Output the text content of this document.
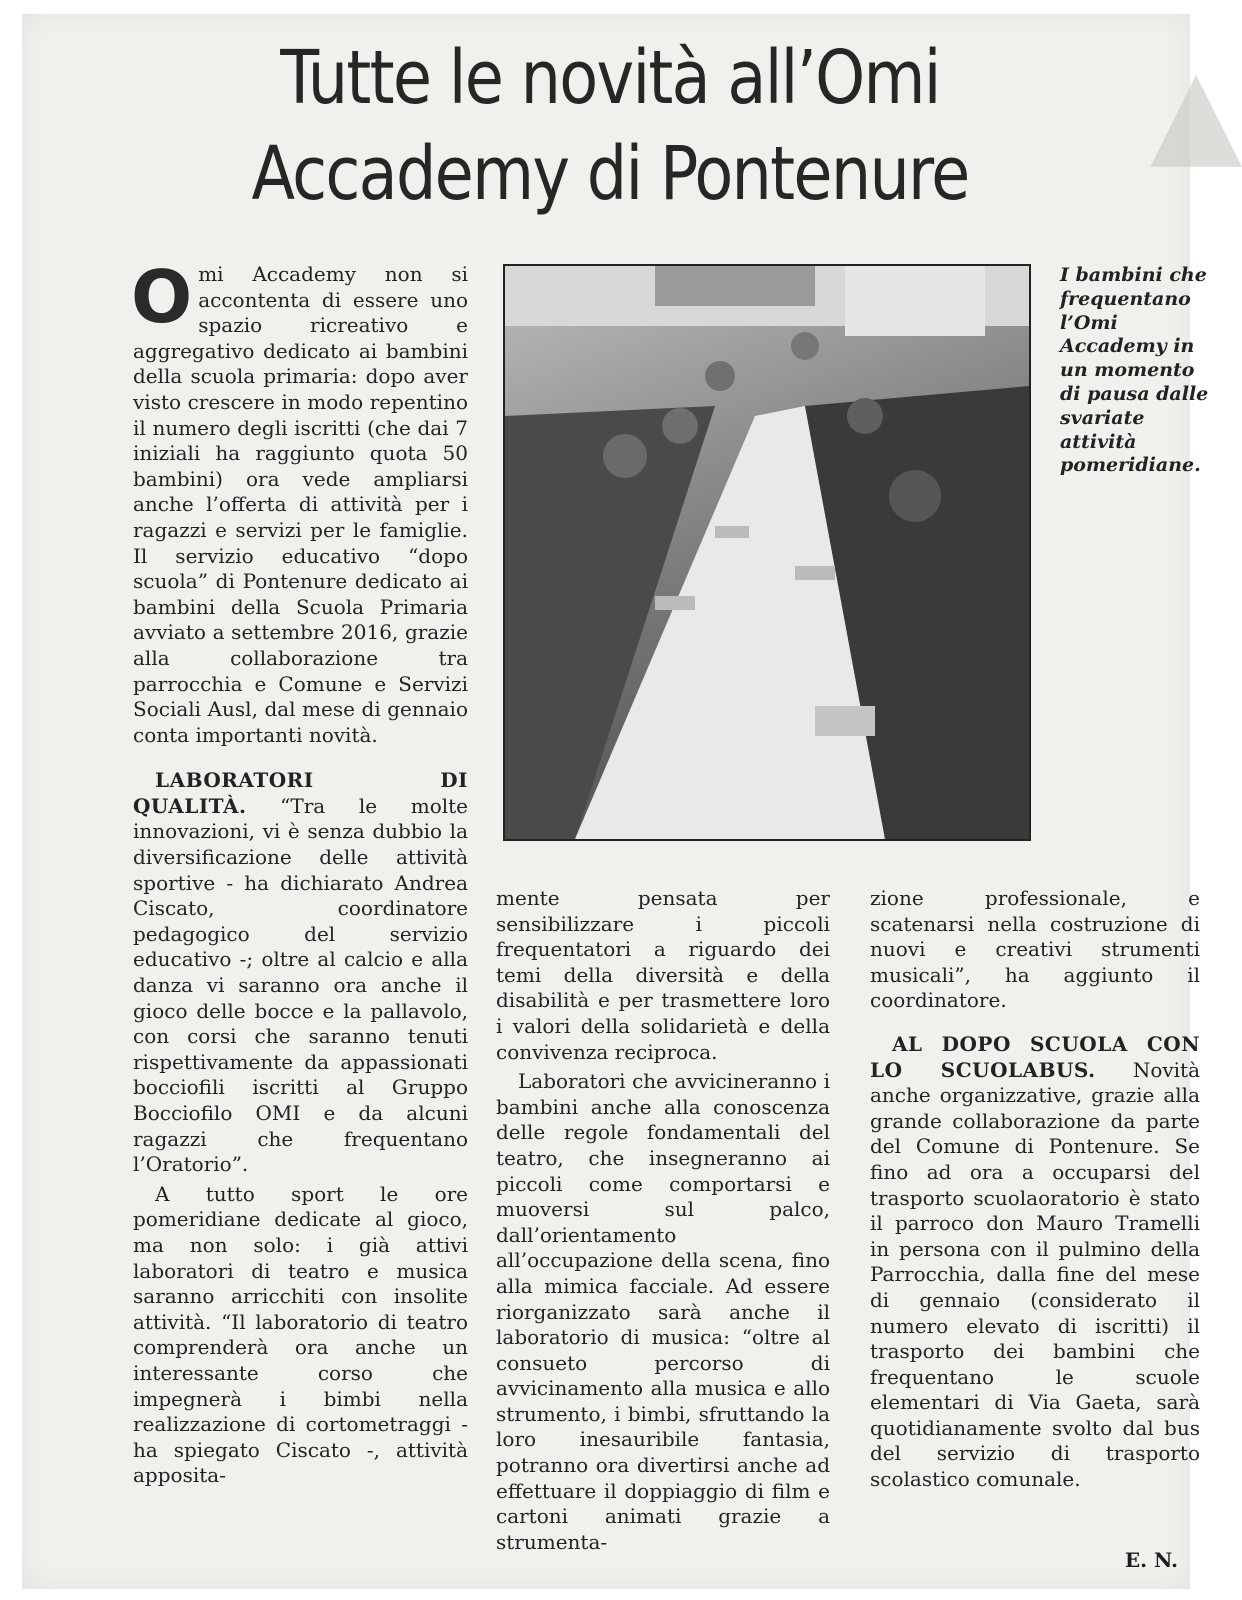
▲
Tutte le novità all’Omi
Accademy di Pontenure

Omi Accademy non si accontenta di essere uno spazio ricreativo e aggregativo dedicato ai bambini della scuola primaria: dopo aver visto crescere in modo repentino il numero degli iscritti (che dai 7 iniziali ha raggiunto quota 50 bambini) ora vede ampliarsi anche l’offerta di attività per i ragazzi e servizi per le famiglie. Il servizio educativo “dopo scuola” di Pontenure dedicato ai bambini della Scuola Primaria avviato a settembre 2016, grazie alla collaborazione tra parrocchia e Comune e Servizi Sociali Ausl, dal mese di gennaio conta importanti novità.

LABORATORI DI QUALITÀ. “Tra le molte innovazioni, vi è senza dubbio la diversificazione delle attività sportive - ha dichiarato Andrea Ciscato, coordinatore pedagogico del servizio educativo -; oltre al calcio e alla danza vi saranno ora anche il gioco delle bocce e la pallavolo, con corsi che saranno tenuti rispettivamente da appassionati bocciofili iscritti al Gruppo Bocciofilo OMI e da alcuni ragazzi che frequentano l’Oratorio”.

A tutto sport le ore pomeridiane dedicate al gioco, ma non solo: i già attivi laboratori di teatro e musica saranno arricchiti con insolite attività. “Il laboratorio di teatro comprenderà ora anche un interessante corso che impegnerà i bimbi nella realizzazione di cortometraggi - ha spiegato Ciscato -, attività apposita-

I bambini che frequentano l’Omi Accademy in un momento di pausa dalle svariate attività pomeridiane.

mente pensata per sensibilizzare i piccoli frequentatori a riguardo dei temi della diversità e della disabilità e per trasmettere loro i valori della solidarietà e della convivenza reciproca.

Laboratori che avvicineranno i bambini anche alla conoscenza delle regole fondamentali del teatro, che insegneranno ai piccoli come comportarsi e muoversi sul palco, dall’orientamento all’occupazione della scena, fino alla mimica facciale. Ad essere riorganizzato sarà anche il laboratorio di musica: “oltre al consueto percorso di avvicinamento alla musica e allo strumento, i bimbi, sfruttando la loro inesauribile fantasia, potranno ora divertirsi anche ad effettuare il doppiaggio di film e cartoni animati grazie a strumenta-

zione professionale, e scatenarsi nella costruzione di nuovi e creativi strumenti musicali”, ha aggiunto il coordinatore.

AL DOPO SCUOLA CON LO SCUOLABUS. Novità anche organizzative, grazie alla grande collaborazione da parte del Comune di Pontenure. Se fino ad ora a occuparsi del trasporto scuolaoratorio è stato il parroco don Mauro Tramelli in persona con il pulmino della Parrocchia, dalla fine del mese di gennaio (considerato il numero elevato di iscritti) il trasporto dei bambini che frequentano le scuole elementari di Via Gaeta, sarà quotidianamente svolto dal bus del servizio di trasporto scolastico comunale.

E. N.
